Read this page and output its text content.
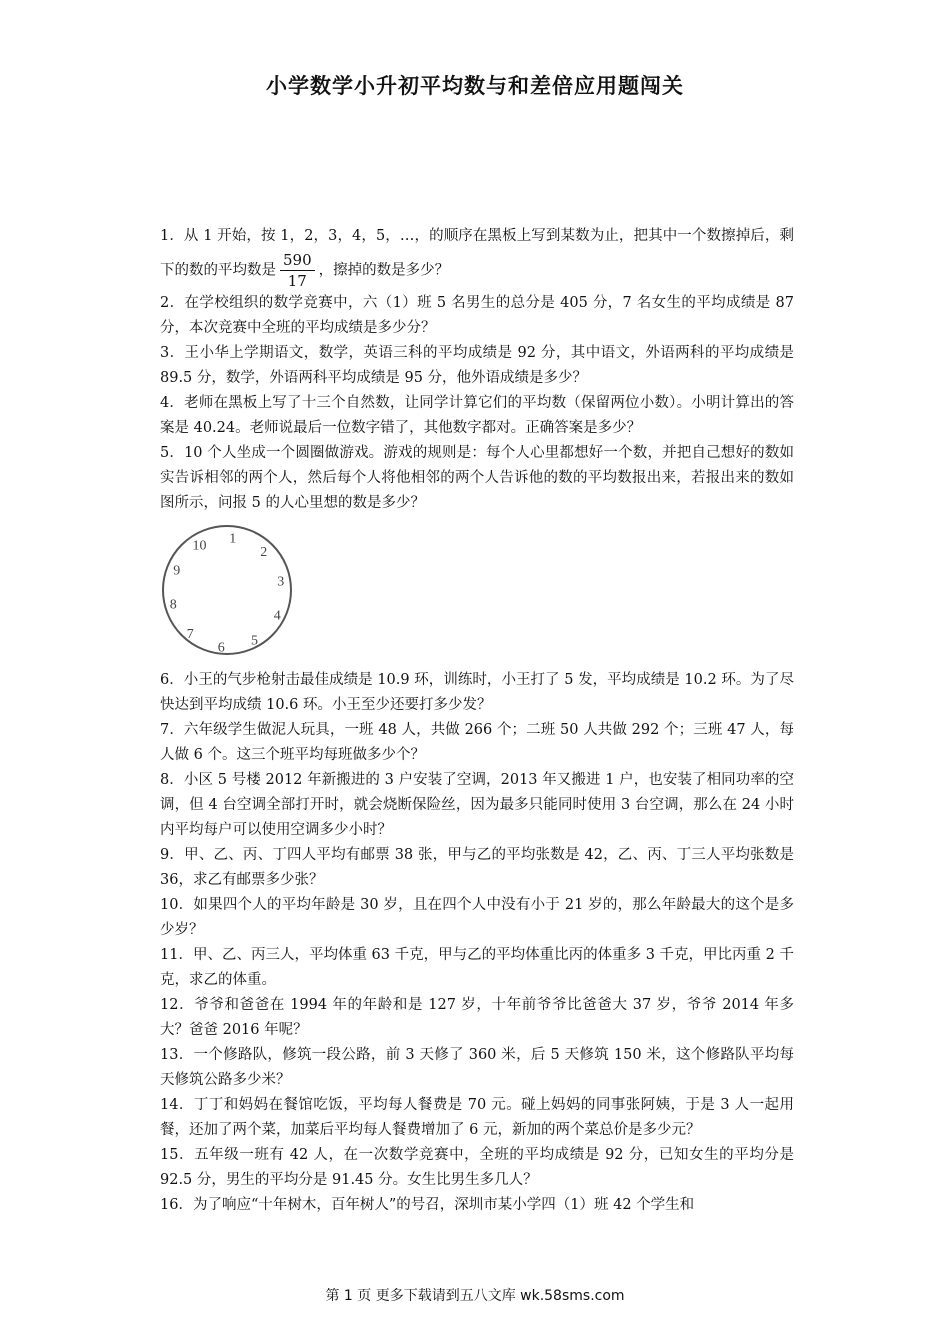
小学数学小升初平均数与和差倍应用题闯关

1．从 1 开始，按 1，2，3，4，5，…，的顺序在黑板上写到某数为止，把其中一个数擦掉后，剩下的数的平均数是 $\frac{590}{17}$ ，擦掉的数是多少？

2．在学校组织的数学竞赛中，六（1）班 5 名男生的总分是 405 分，7 名女生的平均成绩是 87 分，本次竞赛中全班的平均成绩是多少分？

3．王小华上学期语文，数学，英语三科的平均成绩是 92 分，其中语文，外语两科的平均成绩是 89.5 分，数学，外语两科平均成绩是 95 分，他外语成绩是多少？

4．老师在黑板上写了十三个自然数，让同学计算它们的平均数（保留两位小数）。小明计算出的答案是 40.24。老师说最后一位数字错了，其他数字都对。正确答案是多少？

5．10 个人坐成一个圆圈做游戏。游戏的规则是：每个人心里都想好一个数，并把自己想好的数如实告诉相邻的两个人，然后每个人将他相邻的两个人告诉他的数的平均数报出来，若报出来的数如图所示，问报 5 的人心里想的数是多少？

1
2
3
4
5
6
7
8
9
10

6．小王的气步枪射击最佳成绩是 10.9 环，训练时，小王打了 5 发，平均成绩是 10.2 环。为了尽快达到平均成绩 10.6 环。小王至少还要打多少发？

7．六年级学生做泥人玩具，一班 48 人，共做 266 个；二班 50 人共做 292 个；三班 47 人，每人做 6 个。这三个班平均每班做多少个？

8．小区 5 号楼 2012 年新搬进的 3 户安装了空调，2013 年又搬进 1 户，也安装了相同功率的空调，但 4 台空调全部打开时，就会烧断保险丝，因为最多只能同时使用 3 台空调，那么在 24 小时内平均每户可以使用空调多少小时？

9．甲、乙、丙、丁四人平均有邮票 38 张，甲与乙的平均张数是 42，乙、丙、丁三人平均张数是 36，求乙有邮票多少张？

10．如果四个人的平均年龄是 30 岁，且在四个人中没有小于 21 岁的，那么年龄最大的这个是多少岁？

11．甲、乙、丙三人，平均体重 63 千克，甲与乙的平均体重比丙的体重多 3 千克，甲比丙重 2 千克，求乙的体重。

12．爷爷和爸爸在 1994 年的年龄和是 127 岁，十年前爷爷比爸爸大 37 岁，爷爷 2014 年多大？爸爸 2016 年呢？

13．一个修路队，修筑一段公路，前 3 天修了 360 米，后 5 天修筑 150 米，这个修路队平均每天修筑公路多少米？

14．丁丁和妈妈在餐馆吃饭，平均每人餐费是 70 元。碰上妈妈的同事张阿姨，于是 3 人一起用餐，还加了两个菜，加菜后平均每人餐费增加了 6 元，新加的两个菜总价是多少元？

15．五年级一班有 42 人，在一次数学竞赛中，全班的平均成绩是 92 分，已知女生的平均分是 92.5 分，男生的平均分是 91.45 分。女生比男生多几人？

16．为了响应“十年树木，百年树人”的号召，深圳市某小学四（1）班 42 个学生和

第 1 页 更多下载请到五八文库 wk.58sms.com
